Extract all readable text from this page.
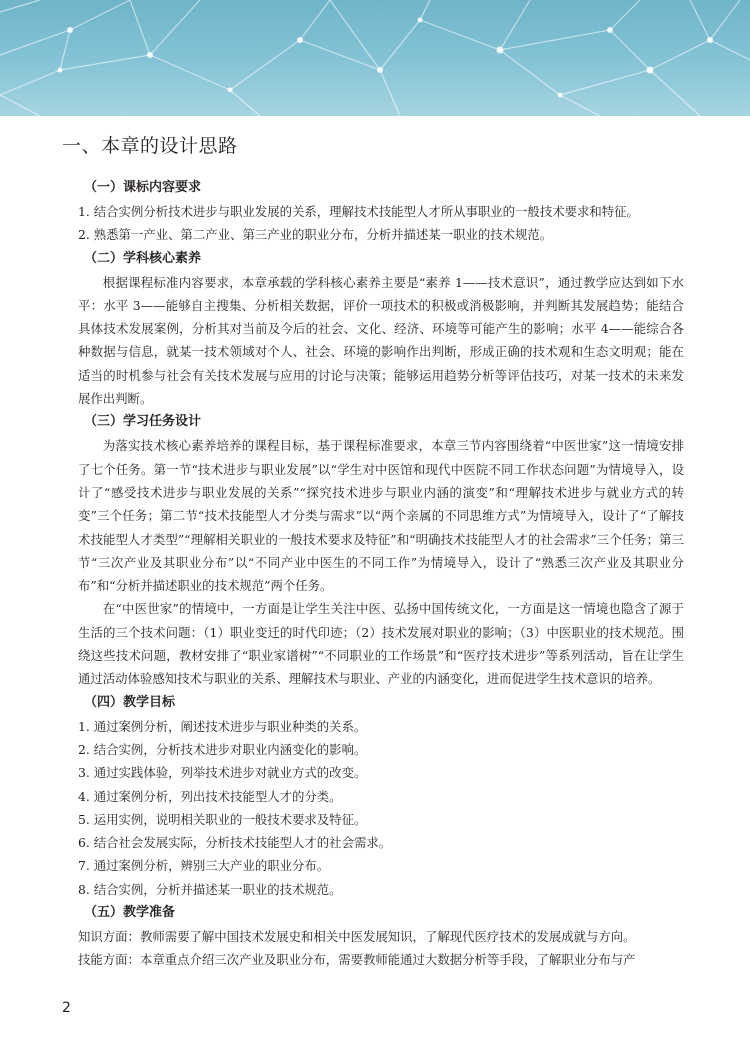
一、本章的设计思路
（一）课标内容要求

1. 结合实例分析技术进步与职业发展的关系，理解技术技能型人才所从事职业的一般技术要求和特征。

2. 熟悉第一产业、第二产业、第三产业的职业分布，分析并描述某一职业的技术规范。

（二）学科核心素养

根据课程标准内容要求，本章承载的学科核心素养主要是“素养 1——技术意识”，通过教学应达到如下水平：水平 3——能够自主搜集、分析相关数据，评价一项技术的积极或消极影响，并判断其发展趋势；能结合具体技术发展案例，分析其对当前及今后的社会、文化、经济、环境等可能产生的影响；水平 4——能综合各种数据与信息，就某一技术领域对个人、社会、环境的影响作出判断，形成正确的技术观和生态文明观；能在适当的时机参与社会有关技术发展与应用的讨论与决策；能够运用趋势分析等评估技巧，对某一技术的未来发展作出判断。

（三）学习任务设计

为落实技术核心素养培养的课程目标，基于课程标准要求，本章三节内容围绕着“中医世家”这一情境安排了七个任务。第一节“技术进步与职业发展”以“学生对中医馆和现代中医院不同工作状态问题”为情境导入，设计了“感受技术进步与职业发展的关系”“探究技术进步与职业内涵的演变”和“理解技术进步与就业方式的转变”三个任务；第二节“技术技能型人才分类与需求”以“两个亲属的不同思维方式”为情境导入，设计了“了解技术技能型人才类型”“理解相关职业的一般技术要求及特征”和“明确技术技能型人才的社会需求”三个任务；第三节“三次产业及其职业分布”以“不同产业中医生的不同工作”为情境导入，设计了“熟悉三次产业及其职业分布”和“分析并描述职业的技术规范”两个任务。

在“中医世家”的情境中，一方面是让学生关注中医、弘扬中国传统文化，一方面是这一情境也隐含了源于生活的三个技术问题：（1）职业变迁的时代印迹；（2）技术发展对职业的影响；（3）中医职业的技术规范。围绕这些技术问题，教材安排了“职业家谱树”“不同职业的工作场景”和“医疗技术进步”等系列活动，旨在让学生通过活动体验感知技术与职业的关系、理解技术与职业、产业的内涵变化，进而促进学生技术意识的培养。

（四）教学目标

1. 通过案例分析，阐述技术进步与职业种类的关系。

2. 结合实例，分析技术进步对职业内涵变化的影响。

3. 通过实践体验，列举技术进步对就业方式的改变。

4. 通过案例分析，列出技术技能型人才的分类。

5. 运用实例，说明相关职业的一般技术要求及特征。

6. 结合社会发展实际，分析技术技能型人才的社会需求。

7. 通过案例分析，辨别三大产业的职业分布。

8. 结合实例，分析并描述某一职业的技术规范。

（五）教学准备

知识方面：教师需要了解中国技术发展史和相关中医发展知识，了解现代医疗技术的发展成就与方向。

技能方面：本章重点介绍三次产业及职业分布，需要教师能通过大数据分析等手段，了解职业分布与产

2
